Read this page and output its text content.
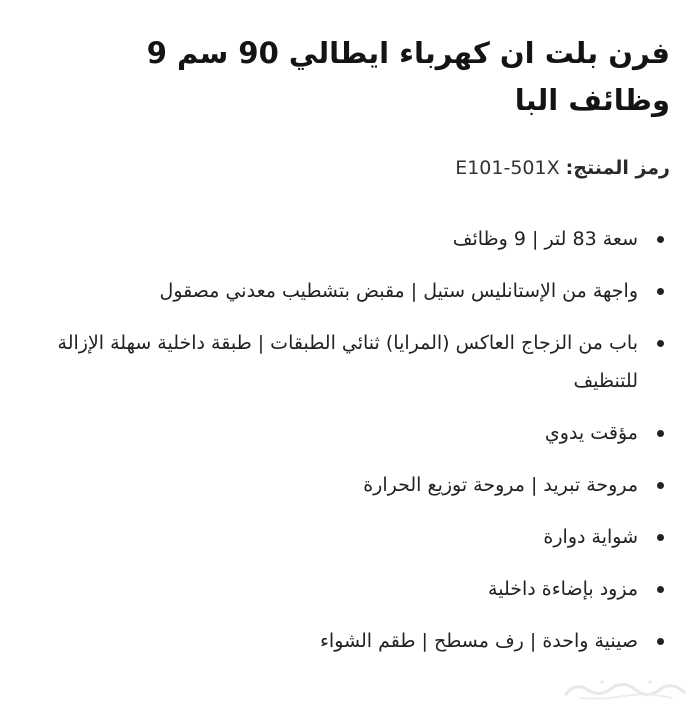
فرن بلت ان كهرباء ايطالي 90 سم 9 وظائف البا
رمز المنتج: E101-501X
سعة 83 لتر | 9 وظائف
واجهة من الإستانليس ستيل | مقبض بتشطيب معدني مصقول
باب من الزجاج العاكس (المرايا) ثنائي الطبقات | طبقة داخلية سهلة الإزالة للتنظيف
مؤقت يدوي
مروحة تبريد | مروحة توزيع الحرارة
شواية دوارة
مزود بإضاءة داخلية
صينية واحدة | رف مسطح | طقم الشواء
